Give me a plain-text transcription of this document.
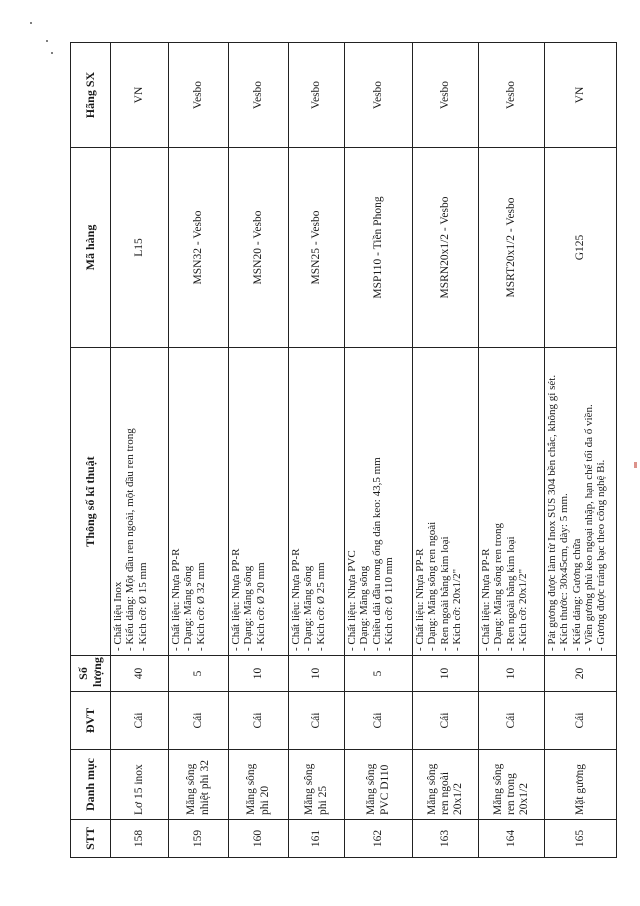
STT	Danh mục	ĐVT	Số lượng	Thông số kĩ thuật	Mã hàng	Hãng SX
158	Lơ 15 inox	Cái	40	- Chất liệu Inox - Kiểu dáng: Một đầu ren ngoài, một đầu ren trong - Kích cỡ: Ø 15 mm	L15	VN
159	Măng sông nhiệt phi 32	Cái	5	- Chất liệu: Nhựa PP-R - Dạng: Măng sông - Kích cỡ: Ø 32 mm	MSN32 - Vesbo	Vesbo
160	Măng sông phi 20	Cái	10	- Chất liệu: Nhựa PP-R - Dạng: Măng sông - Kích cỡ: Ø 20 mm	MSN20 - Vesbo	Vesbo
161	Măng sông phi 25	Cái	10	- Chất liệu: Nhựa PP-R - Dạng: Măng sông - Kích cỡ: Ø 25 mm	MSN25 - Vesbo	Vesbo
162	Măng sông PVC D110	Cái	5	- Chất liệu: Nhựa PVC - Dạng: Măng sông - Chiều dài đầu nong ống dán keo: 43,5 mm - Kích cỡ: Ø 110 mm	MSP110 - Tiền Phong	Vesbo
163	Măng sông ren ngoài 20x1/2	Cái	10	- Chất liệu: Nhựa PP-R - Dạng: Măng sông ren ngoài - Ren ngoài bằng kim loại - Kích cỡ: 20x1/2"	MSRN20x1/2 - Vesbo	Vesbo
164	Măng sông ren trong 20x1/2	Cái	10	- Chất liệu: Nhựa PP-R - Dạng: Măng sông ren trong - Ren ngoài bằng kim loại - Kích cỡ: 20x1/2"	MSRT20x1/2 - Vesbo	Vesbo
165	Mặt gương	Cái	20	- Pát gương được làm từ Inox SUS 304 bền chắc, không gỉ sét. - Kích thước: 30x45cm, dày: 5 mm. - Kiểu dáng: Gương chữa - Viền gương phủ keo ngoại nhập, hạn chế tối đa ố viền. - Gương được tráng bạc theo công nghệ Bỉ.	G125	VN
